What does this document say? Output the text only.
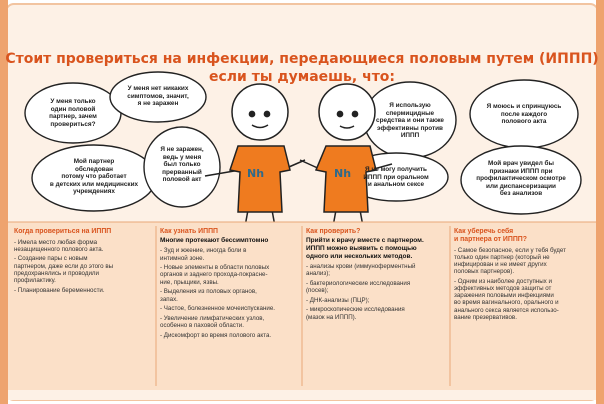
Стоит провериться на инфекции, передающиеся половым путем (ИППП)
если ты думаешь, что:
У меня только
один половой
партнер, зачем
провериться?
У меня нет никаких
симптомов, значит,
я не заражен
Мой партнер
обследован
потому что работает
в детских или медицинских
учреждениях
Я не заражен,
ведь у меня
был только
прерванный
половой акт
Я использую
спермицидные
средства и они также
эффективны против
ИППП
Я моюсь и спринцуюсь
после каждого
полового акта
Я не могу получить
ИППП при оральном
и анальном сексе
Мой врач увидел бы
признаки ИППП при
профилактическом осмотре
или диспансеризации
без анализов
Nh	Nh
Когда провериться на ИППП
- Имела место любая форма
незащищенного полового акта.
- Создание пары с новым
партнером, даже если до этого вы
предохранялись и проводили
профилактику.
- Планирование беременности.
Как узнать ИППП
Многие протекают бессимптомно
- Зуд и жжение, иногда боли в
интимной зоне.
- Новые элементы в области половых
органов и заднего прохода-покрасне-
ние, прыщики, язвы.
- Выделения из половых органов,
запах.
- Частое, болезненное мочеиспускание.
- Увеличение лимфатических узлов,
особенно в паховой области.
- Дискомфорт во время полового акта.
Как проверить?
Прийти к врачу вместе с партнером.
ИППП можно выявить с помощью
одного или нескольких методов.
- анализы крови (иммуноферментный
анализ);
- бактериологические исследования
(посев);
- ДНК-анализы (ПЦР);
- микроскопические исследования
(мазок на ИППП).
Как уберечь себя
и партнера от ИППП?
- Самое безопасное, если у тебя будет
только один партнер (который не
инфицирован и не имеет других
половых партнеров).
- Одним из наиболее доступных и
эффективных методов защиты от
заражения половыми инфекциями
во время вагинального, орального и
анального секса является использо-
вание презервативов.
